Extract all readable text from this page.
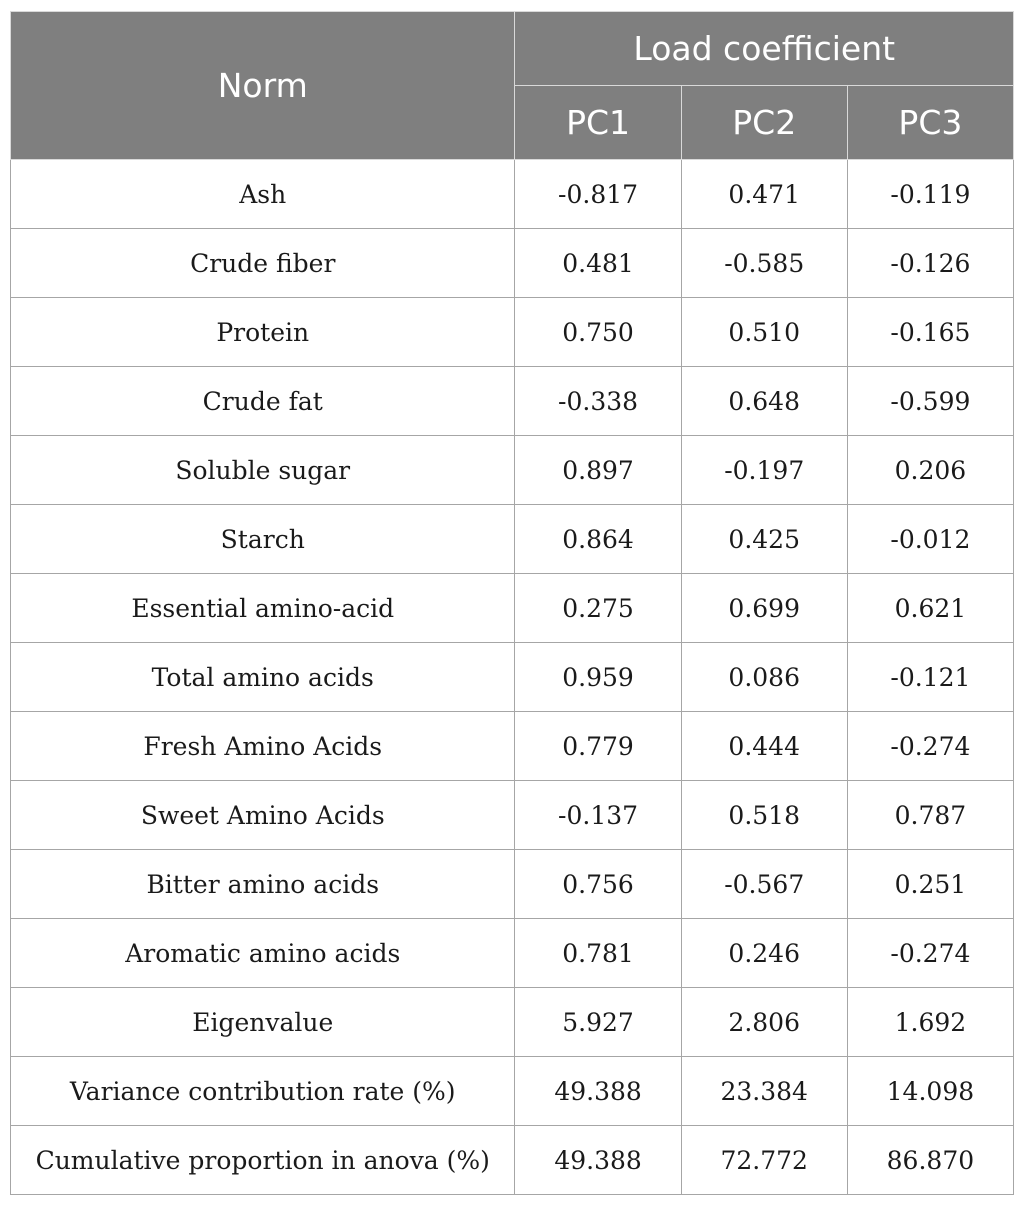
Norm	Load coefficient		
	PC1	PC2	PC3
Ash	-0.817	0.471	-0.119
Crude fiber	0.481	-0.585	-0.126
Protein	0.750	0.510	-0.165
Crude fat	-0.338	0.648	-0.599
Soluble sugar	0.897	-0.197	0.206
Starch	0.864	0.425	-0.012
Essential amino-acid	0.275	0.699	0.621
Total amino acids	0.959	0.086	-0.121
Fresh Amino Acids	0.779	0.444	-0.274
Sweet Amino Acids	-0.137	0.518	0.787
Bitter amino acids	0.756	-0.567	0.251
Aromatic amino acids	0.781	0.246	-0.274
Eigenvalue	5.927	2.806	1.692
Variance contribution rate (%)	49.388	23.384	14.098
Cumulative proportion in anova (%)	49.388	72.772	86.870
